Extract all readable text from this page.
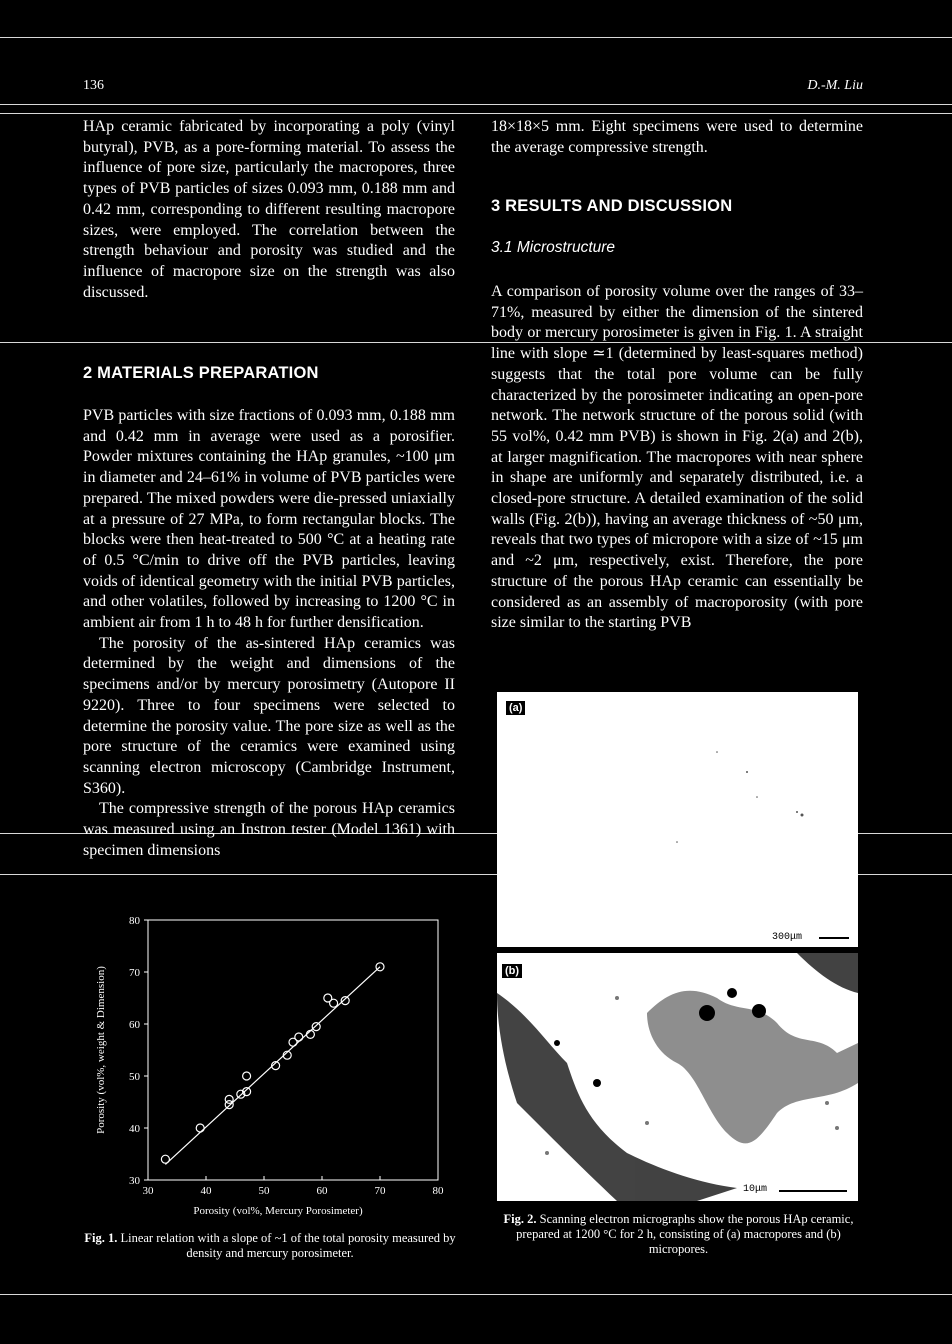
136	D.-M. Liu

HAp ceramic fabricated by incorporating a poly (vinyl butyral), PVB, as a pore-forming material. To assess the influence of pore size, particularly the macropores, three types of PVB particles of sizes 0.093 mm, 0.188 mm and 0.42 mm, corresponding to different resulting macropore sizes, were employed. The correlation between the strength behaviour and porosity was studied and the influence of macropore size on the strength was also discussed.

2 MATERIALS PREPARATION

PVB particles with size fractions of 0.093 mm, 0.188 mm and 0.42 mm in average were used as a porosifier. Powder mixtures containing the HAp granules, ~100 μm in diameter and 24–61% in volume of PVB particles were prepared. The mixed powders were die-pressed uniaxially at a pressure of 27 MPa, to form rectangular blocks. The blocks were then heat-treated to 500 °C at a heating rate of 0.5 °C/min to drive off the PVB particles, leaving voids of identical geometry with the initial PVB particles, and other volatiles, followed by increasing to 1200 °C in ambient air from 1 h to 48 h for further densification.

The porosity of the as-sintered HAp ceramics was determined by the weight and dimensions of the specimens and/or by mercury porosimetry (Autopore II 9220). Three to four specimens were selected to determine the porosity value. The pore size as well as the pore structure of the ceramics were examined using scanning electron microscopy (Cambridge Instrument, S360).

The compressive strength of the porous HAp ceramics was measured using an Instron tester (Model 1361) with specimen dimensions

30	40	50	60	70	80
30
40
50
60
70
80
Porosity (vol%, Mercury Porosimeter)
Porosity (vol%, weight & Dimension)
Fig. 1. Linear relation with a slope of ~1 of the total porosity measured by density and mercury porosimeter.

18×18×5 mm. Eight specimens were used to determine the average compressive strength.

3 RESULTS AND DISCUSSION
3.1 Microstructure

A comparison of porosity volume over the ranges of 33–71%, measured by either the dimension of the sintered body or mercury porosimeter is given in Fig. 1. A straight line with slope ≃1 (determined by least-squares method) suggests that the total pore volume can be fully characterized by the porosimeter indicating an open-pore network. The network structure of the porous solid (with 55 vol%, 0.42 mm PVB) is shown in Fig. 2(a) and 2(b), at larger magnification. The macropores with near sphere in shape are uniformly and separately distributed, i.e. a closed-pore structure. A detailed examination of the solid walls (Fig. 2(b)), having an average thickness of ~50 μm, reveals that two types of micropore with a size of ~15 μm and ~2 μm, respectively, exist. Therefore, the pore structure of the porous HAp ceramic can essentially be considered as an assembly of macroporosity (with pore size similar to the starting PVB

(a)
300μm
(b)
10μm
Fig. 2. Scanning electron micrographs show the porous HAp ceramic, prepared at 1200 °C for 2 h, consisting of (a) macropores and (b) micropores.
